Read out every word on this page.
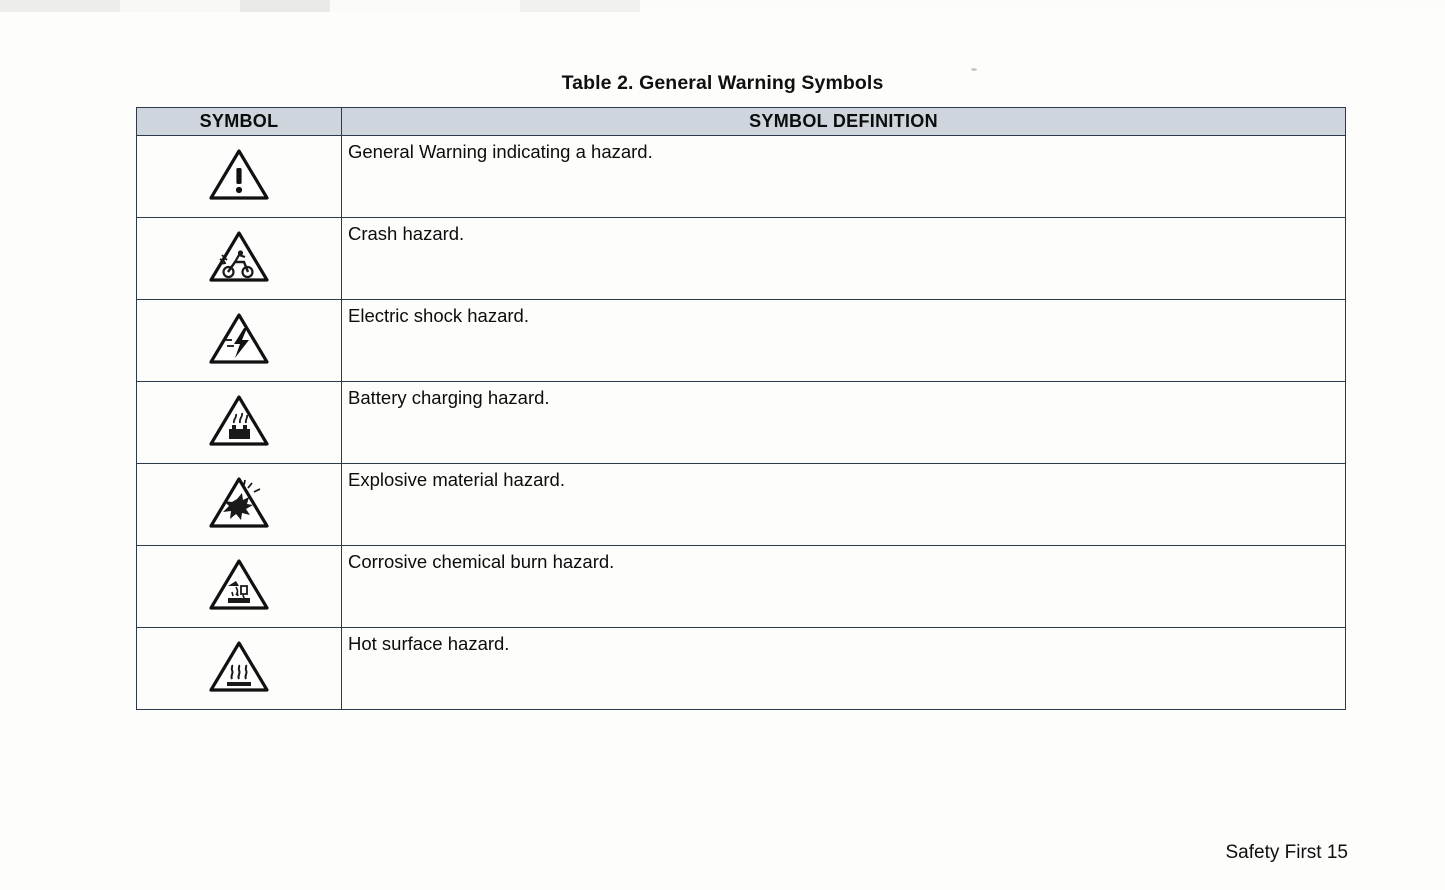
Table 2. General Warning Symbols
SYMBOL	SYMBOL DEFINITION

General Warning indicating a hazard.

Crash hazard.

Electric shock hazard.

Battery charging hazard.

Explosive material hazard.

Corrosive chemical burn hazard.

Hot surface hazard.
Safety First 15
